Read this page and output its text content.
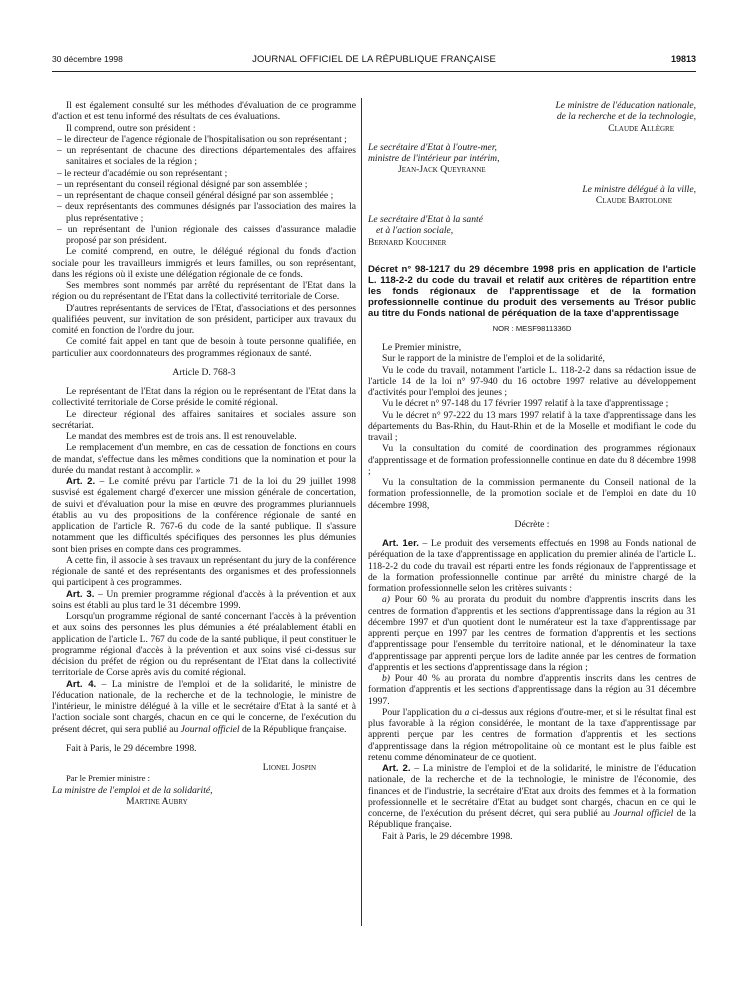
30 décembre 1998	JOURNAL OFFICIEL DE LA RÉPUBLIQUE FRANÇAISE	19813

Il est également consulté sur les méthodes d'évaluation de ce programme d'action et est tenu informé des résultats de ces évaluations.

Il comprend, outre son président :

– le directeur de l'agence régionale de l'hospitalisation ou son représentant ;
– un représentant de chacune des directions départementales des affaires sanitaires et sociales de la région ;
– le recteur d'académie ou son représentant ;
– un représentant du conseil régional désigné par son assemblée ;
– un représentant de chaque conseil général désigné par son assemblée ;
– deux représentants des communes désignés par l'association des maires la plus représentative ;
– un représentant de l'union régionale des caisses d'assurance maladie proposé par son président.

Le comité comprend, en outre, le délégué régional du fonds d'action sociale pour les travailleurs immigrés et leurs familles, ou son représentant, dans les régions où il existe une délégation régionale de ce fonds.

Ses membres sont nommés par arrêté du représentant de l'Etat dans la région ou du représentant de l'Etat dans la collectivité territoriale de Corse.

D'autres représentants de services de l'Etat, d'associations et des personnes qualifiées peuvent, sur invitation de son président, participer aux travaux du comité en fonction de l'ordre du jour.

Ce comité fait appel en tant que de besoin à toute personne qualifiée, en particulier aux coordonnateurs des programmes régionaux de santé.

Article D. 768-3

Le représentant de l'Etat dans la région ou le représentant de l'Etat dans la collectivité territoriale de Corse préside le comité régional.

Le directeur régional des affaires sanitaires et sociales assure son secrétariat.

Le mandat des membres est de trois ans. Il est renouvelable.

Le remplacement d'un membre, en cas de cessation de fonctions en cours de mandat, s'effectue dans les mêmes conditions que la nomination et pour la durée du mandat restant à accomplir. »

Art. 2. – Le comité prévu par l'article 71 de la loi du 29 juillet 1998 susvisé est également chargé d'exercer une mission générale de concertation, de suivi et d'évaluation pour la mise en œuvre des programmes pluriannuels établis au vu des propositions de la conférence régionale de santé en application de l'article R. 767-6 du code de la santé publique. Il s'assure notamment que les difficultés spécifiques des personnes les plus démunies sont bien prises en compte dans ces programmes.

A cette fin, il associe à ses travaux un représentant du jury de la conférence régionale de santé et des représentants des organismes et des professionnels qui participent à ces programmes.

Art. 3. – Un premier programme régional d'accès à la prévention et aux soins est établi au plus tard le 31 décembre 1999.

Lorsqu'un programme régional de santé concernant l'accès à la prévention et aux soins des personnes les plus démunies a été préalablement établi en application de l'article L. 767 du code de la santé publique, il peut constituer le programme régional d'accès à la prévention et aux soins visé ci-dessus sur décision du préfet de région ou du représentant de l'Etat dans la collectivité territoriale de Corse après avis du comité régional.

Art. 4. – La ministre de l'emploi et de la solidarité, le ministre de l'éducation nationale, de la recherche et de la technologie, le ministre de l'intérieur, le ministre délégué à la ville et le secrétaire d'Etat à la santé et à l'action sociale sont chargés, chacun en ce qui le concerne, de l'exécution du présent décret, qui sera publié au Journal officiel de la République française.

Fait à Paris, le 29 décembre 1998.

Lionel Jospin

Par le Premier ministre :

La ministre de l'emploi et de la solidarité,

Martine Aubry

Le ministre de l'éducation nationale,

de la recherche et de la technologie,

Claude Allègre

Le secrétaire d'Etat à l'outre-mer,

ministre de l'intérieur par intérim,

Jean-Jack Queyranne

Le ministre délégué à la ville,

Claude Bartolone

Le secrétaire d'Etat à la santé

et à l'action sociale,

Bernard Kouchner

Décret n° 98-1217 du 29 décembre 1998 pris en application de l'article L. 118-2-2 du code du travail et relatif aux critères de répartition entre les fonds régionaux de l'apprentissage et de la formation professionnelle continue du produit des versements au Trésor public au titre du Fonds national de péréquation de la taxe d'apprentissage

NOR : MESF9811336D

Le Premier ministre,

Sur le rapport de la ministre de l'emploi et de la solidarité,

Vu le code du travail, notamment l'article L. 118-2-2 dans sa rédaction issue de l'article 14 de la loi n° 97-940 du 16 octobre 1997 relative au développement d'activités pour l'emploi des jeunes ;

Vu le décret n° 97-148 du 17 février 1997 relatif à la taxe d'apprentissage ;

Vu le décret n° 97-222 du 13 mars 1997 relatif à la taxe d'apprentissage dans les départements du Bas-Rhin, du Haut-Rhin et de la Moselle et modifiant le code du travail ;

Vu la consultation du comité de coordination des programmes régionaux d'apprentissage et de formation professionnelle continue en date du 8 décembre 1998 ;

Vu la consultation de la commission permanente du Conseil national de la formation professionnelle, de la promotion sociale et de l'emploi en date du 10 décembre 1998,

Décrète :

Art. 1er. – Le produit des versements effectués en 1998 au Fonds national de péréquation de la taxe d'apprentissage en application du premier alinéa de l'article L. 118-2-2 du code du travail est réparti entre les fonds régionaux de l'apprentissage et de la formation professionnelle continue par arrêté du ministre chargé de la formation professionnelle selon les critères suivants :

a) Pour 60 % au prorata du produit du nombre d'apprentis inscrits dans les centres de formation d'apprentis et les sections d'apprentissage dans la région au 31 décembre 1997 et d'un quotient dont le numérateur est la taxe d'apprentissage par apprenti perçue en 1997 par les centres de formation d'apprentis et les sections d'apprentissage pour l'ensemble du territoire national, et le dénominateur la taxe d'apprentissage par apprenti perçue lors de ladite année par les centres de formation d'apprentis et les sections d'apprentissage dans la région ;

b) Pour 40 % au prorata du nombre d'apprentis inscrits dans les centres de formation d'apprentis et les sections d'apprentissage dans la région au 31 décembre 1997.

Pour l'application du a ci-dessus aux régions d'outre-mer, et si le résultat final est plus favorable à la région considérée, le montant de la taxe d'apprentissage par apprenti perçue par les centres de formation d'apprentis et les sections d'apprentissage dans la région métropolitaine où ce montant est le plus faible est retenu comme dénominateur de ce quotient.

Art. 2. – La ministre de l'emploi et de la solidarité, le ministre de l'éducation nationale, de la recherche et de la technologie, le ministre de l'économie, des finances et de l'industrie, la secrétaire d'Etat aux droits des femmes et à la formation professionnelle et le secrétaire d'Etat au budget sont chargés, chacun en ce qui le concerne, de l'exécution du présent décret, qui sera publié au Journal officiel de la République française.

Fait à Paris, le 29 décembre 1998.
